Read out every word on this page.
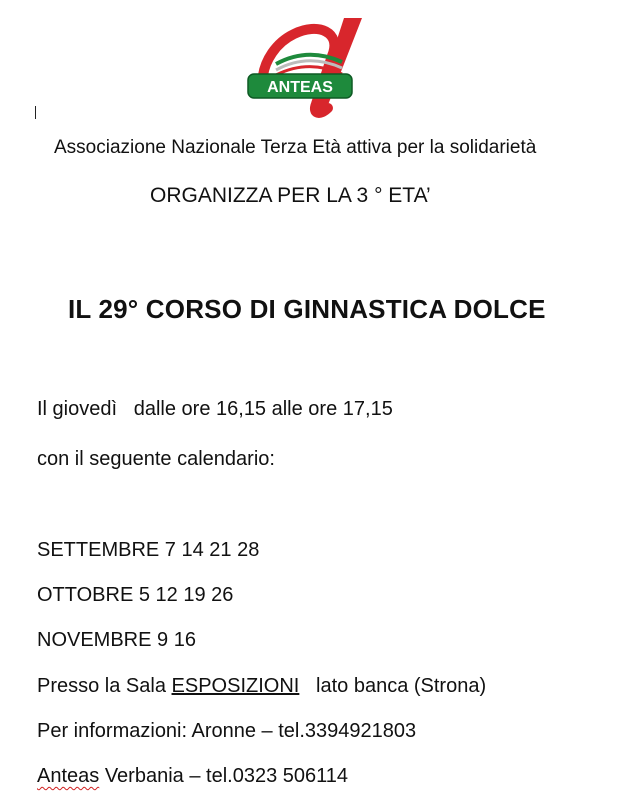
ANTEAS
Associazione Nazionale Terza Età attiva per la solidarietà
ORGANIZZA PER LA 3 ° ETA’
IL 29° CORSO DI GINNASTICA DOLCE
Il giovedì dalle ore 16,15 alle ore 17,15
con il seguente calendario:
SETTEMBRE 7 14 21 28
OTTOBRE 5 12 19 26
NOVEMBRE 9 16
Presso la Sala ESPOSIZIONI lato banca (Strona)
Per informazioni: Aronne – tel.3394921803
Anteas Verbania – tel.0323 506114
